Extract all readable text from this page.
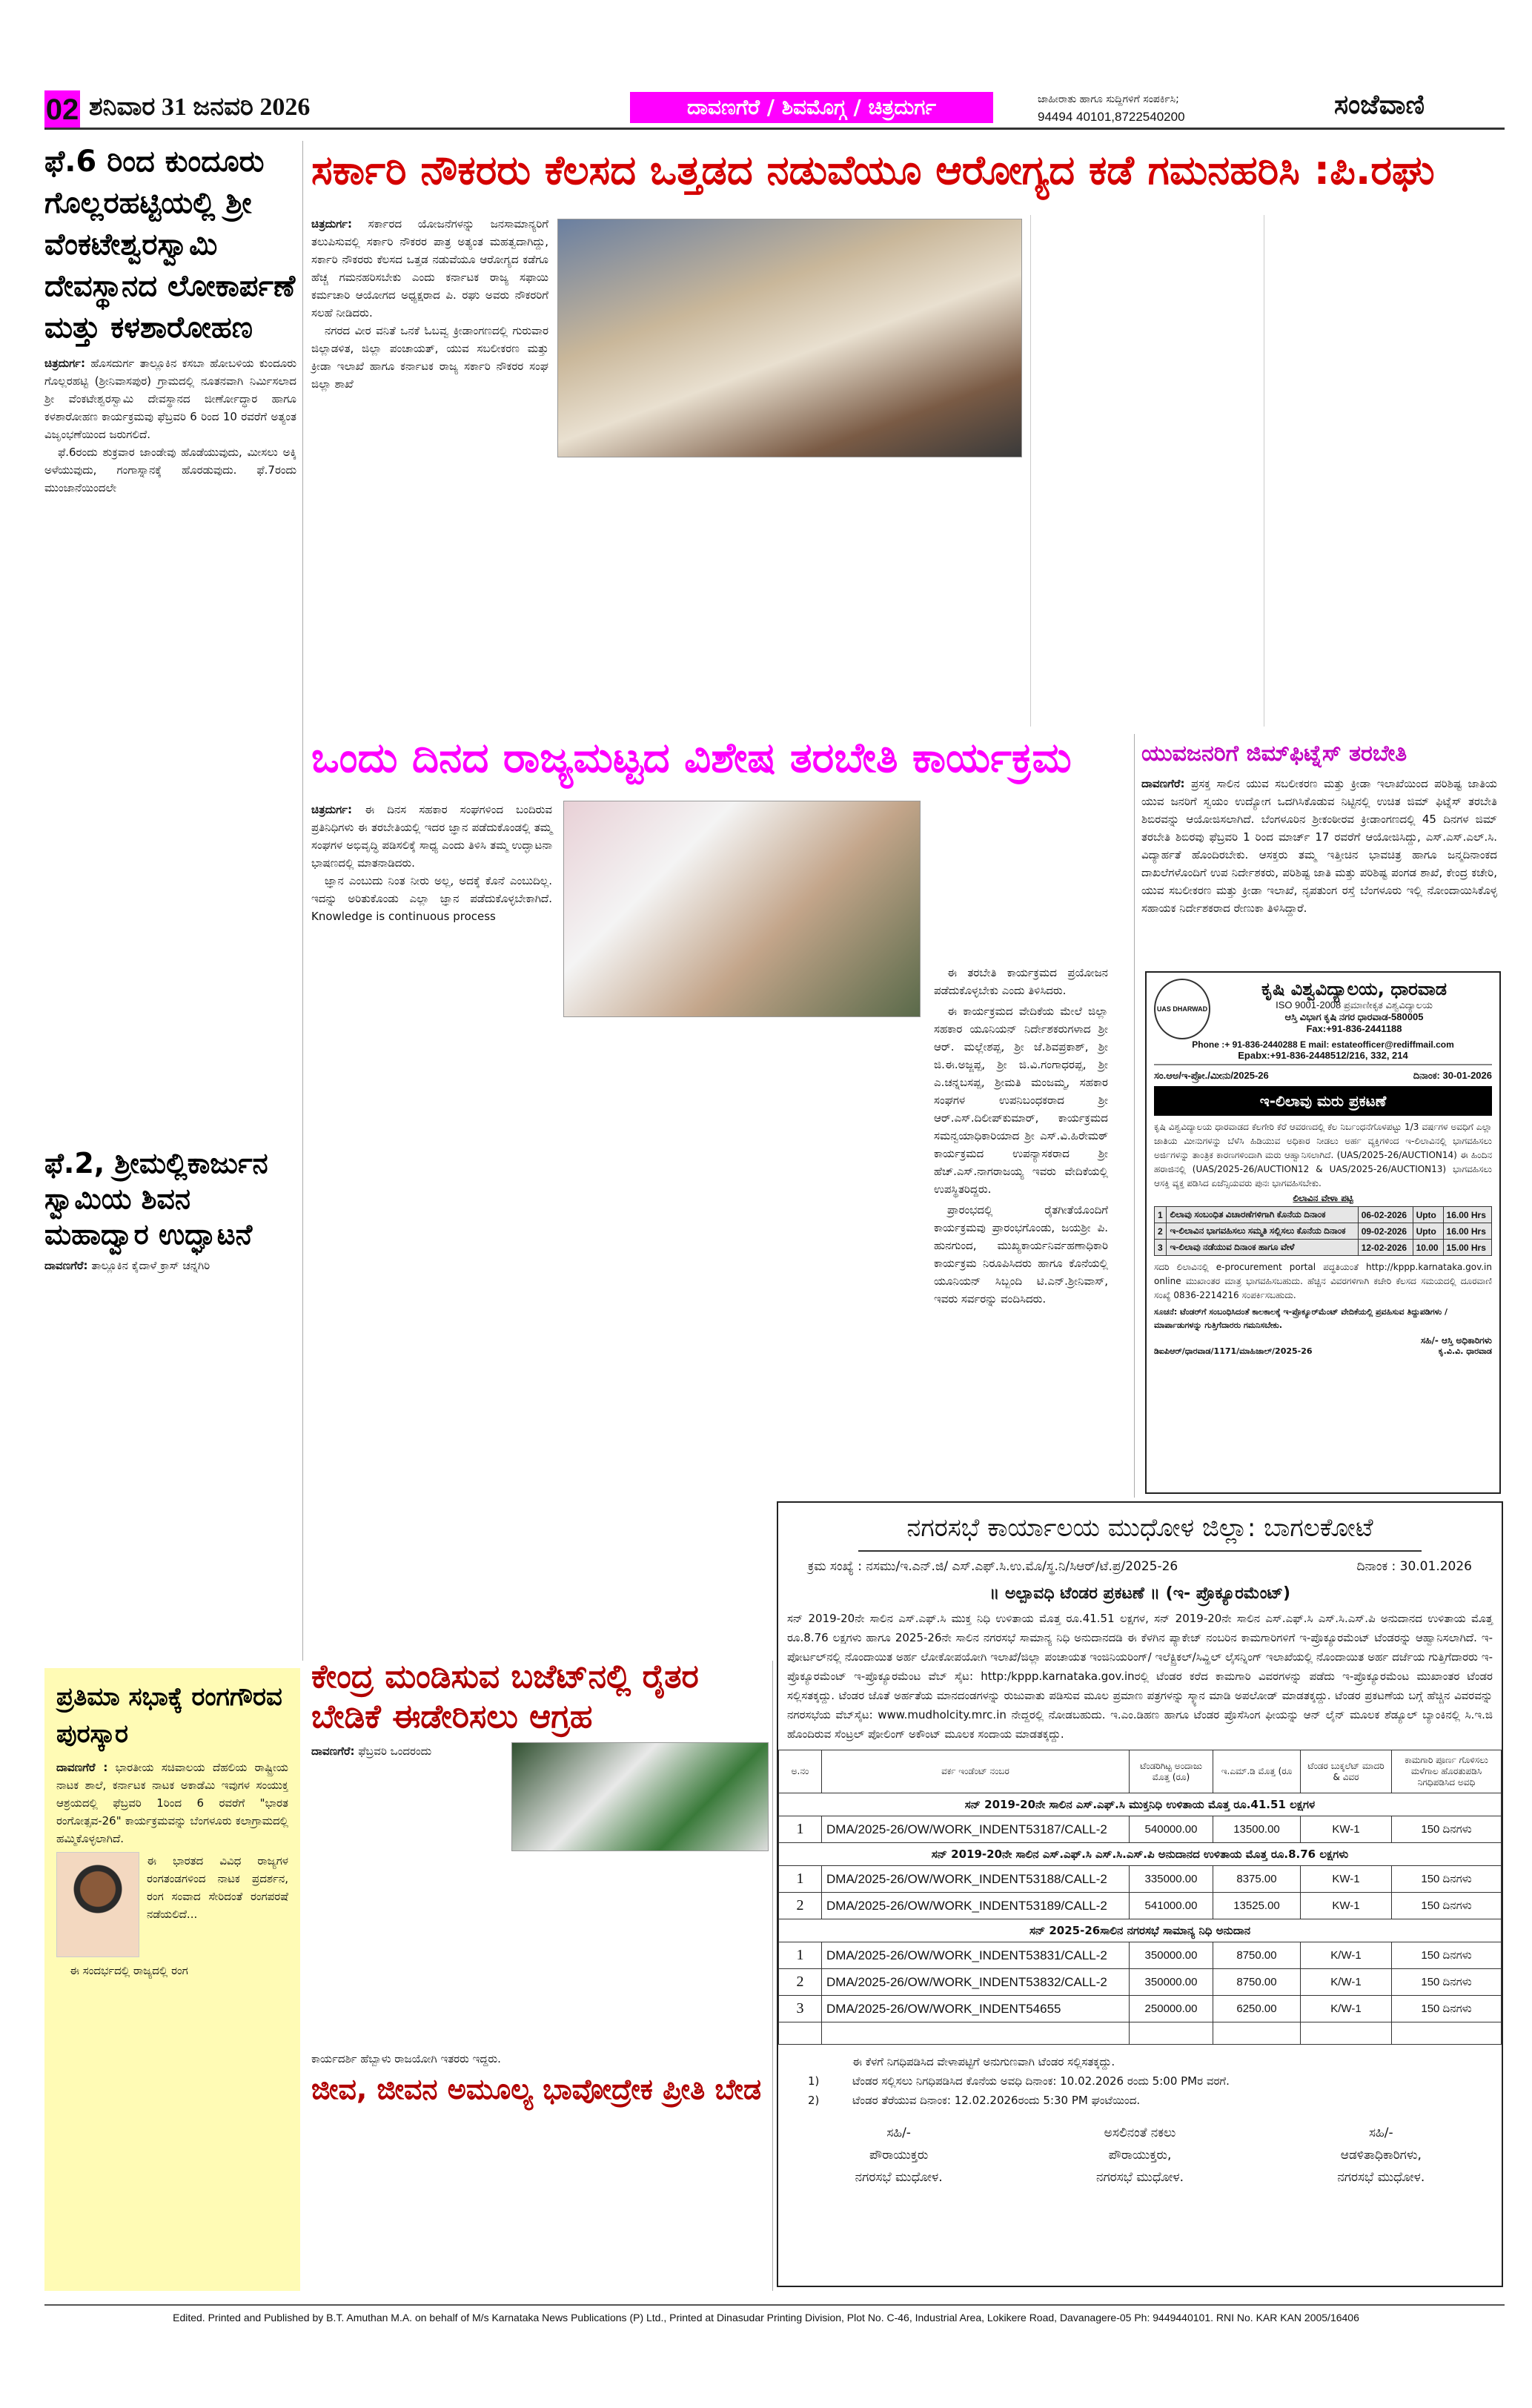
02 ಶನಿವಾರ 31 ಜನವರಿ 2026	ದಾವಣಗೆರೆ / ಶಿವಮೊಗ್ಗ / ಚಿತ್ರದುರ್ಗ	ಜಾಹೀರಾತು ಹಾಗೂ ಸುದ್ದಿಗಳಿಗೆ ಸಂಪರ್ಕಿಸಿ;
94494 40101,8722540200	ಸಂಜೆವಾಣಿ
ಫೆ.6 ರಿಂದ ಕುಂದೂರು ಗೊಲ್ಲರಹಟ್ಟಿಯಲ್ಲಿ ಶ್ರೀ ವೆಂಕಟೇಶ್ವರಸ್ವಾಮಿ ದೇವಸ್ಥಾನದ ಲೋಕಾರ್ಪಣೆ ಮತ್ತು ಕಳಶಾರೋಹಣ
ಚಿತ್ರದುರ್ಗ: ಹೊಸದುರ್ಗ ತಾಲ್ಲೂಕಿನ ಕಸಬಾ ಹೋಬಳಿಯ ಕುಂದೂರು ಗೊಲ್ಲರಹಟ್ಟಿ (ಶ್ರೀನಿವಾಸಪುರ) ಗ್ರಾಮದಲ್ಲಿ ನೂತನವಾಗಿ ನಿರ್ಮಿಸಲಾದ ಶ್ರೀ ವೆಂಕಟೇಶ್ವರಸ್ವಾಮಿ ದೇವಸ್ಥಾನದ ಜೀರ್ಣೋದ್ಧಾರ ಹಾಗೂ ಕಳಶಾರೋಹಣ ಕಾರ್ಯಕ್ರಮವು ಫೆಬ್ರವರಿ 6 ರಿಂದ 10 ರವರೆಗೆ ಅತ್ಯಂತ ವಿಜೃಂಭಣೆಯಿಂದ ಜರುಗಲಿದೆ.

ಫೆ.6ರಂದು ಶುಕ್ರವಾರ ಜಾಂಡೇವು ಹೊಡೆಯುವುದು, ಮೀಸಲು ಅಕ್ಕಿ ಅಳೆಯುವುದು, ಗಂಗಾಸ್ನಾನಕ್ಕೆ ಹೊರಡುವುದು. ಫೆ.7ರಂದು ಮುಂಜಾನೆಯಿಂದಲೇ

ಫೆ.2, ಶ್ರೀಮಲ್ಲಿಕಾರ್ಜುನ ಸ್ವಾಮಿಯ ಶಿವನ ಮಹಾದ್ವಾರ ಉದ್ಘಾಟನೆ
ದಾವಣಗೆರೆ: ತಾಲ್ಲೂಕಿನ ಕೈದಾಳೆ ಕ್ರಾಸ್ ಚನ್ನಗಿರಿ
ಪ್ರತಿಮಾ ಸಭಾಕ್ಕೆ ರಂಗಗೌರವ ಪುರಸ್ಕಾರ
ದಾವಣಗೆರೆ : ಭಾರತೀಯ ಸಚಿವಾಲಯ ದೆಹಲಿಯ ರಾಷ್ಟ್ರೀಯ ನಾಟಕ ಶಾಲೆ, ಕರ್ನಾಟಕ ನಾಟಕ ಅಕಾಡೆಮಿ ಇವುಗಳ ಸಂಯುಕ್ತ ಆಶ್ರಯದಲ್ಲಿ ಫೆಬ್ರವರಿ 1ರಿಂದ 6 ರವರೆಗೆ "ಭಾರತ ರಂಗೋತ್ಸವ-26" ಕಾರ್ಯಕ್ರಮವನ್ನು ಬೆಂಗಳೂರು ಕಲಾಗ್ರಾಮದಲ್ಲಿ ಹಮ್ಮಿಕೊಳ್ಳಲಾಗಿದೆ.
ಈ ಭಾರತದ ವಿವಿಧ ರಾಜ್ಯಗಳ ರಂಗತಂಡಗಳಿಂದ ನಾಟಕ ಪ್ರದರ್ಶನ, ರಂಗ ಸಂವಾದ ಸೇರಿದಂತೆ ರಂಗಪರಷೆ ನಡೆಯಲಿದೆ...

ಈ ಸಂದರ್ಭದಲ್ಲಿ ರಾಜ್ಯದಲ್ಲಿ ರಂಗ

ಸರ್ಕಾರಿ ನೌಕರರು ಕೆಲಸದ ಒತ್ತಡದ ನಡುವೆಯೂ ಆರೋಗ್ಯದ ಕಡೆ ಗಮನಹರಿಸಿ :ಪಿ.ರಘು
ಚಿತ್ರದುರ್ಗ: ಸರ್ಕಾರದ ಯೋಜನೆಗಳನ್ನು ಜನಸಾಮಾನ್ಯರಿಗೆ ತಲುಪಿಸುವಲ್ಲಿ ಸರ್ಕಾರಿ ನೌಕರರ ಪಾತ್ರ ಅತ್ಯಂತ ಮಹತ್ವದಾಗಿದ್ದು, ಸರ್ಕಾರಿ ನೌಕರರು ಕೆಲಸದ ಒತ್ತಡ ನಡುವೆಯೂ ಆರೋಗ್ಯದ ಕಡೆಗೂ ಹೆಚ್ಚ ಗಮನಹರಿಸಬೇಕು ಎಂದು ಕರ್ನಾಟಕ ರಾಜ್ಯ ಸಫಾಯಿ ಕರ್ಮಚಾರಿ ಆಯೋಗದ ಅಧ್ಯಕ್ಷರಾದ ಪಿ. ರಘು ಅವರು ನೌಕರರಿಗೆ ಸಲಹೆ ನೀಡಿದರು.

ನಗರದ ವೀರ ವನಿತೆ ಒನಕೆ ಓಬವ್ವ ಕ್ರೀಡಾಂಗಣದಲ್ಲಿ ಗುರುವಾರ ಜಿಲ್ಲಾಡಳಿತ, ಜಿಲ್ಲಾ ಪಂಚಾಯತ್, ಯುವ ಸಬಲೀಕರಣ ಮತ್ತು ಕ್ರೀಡಾ ಇಲಾಖೆ ಹಾಗೂ ಕರ್ನಾಟಕ ರಾಜ್ಯ ಸರ್ಕಾರಿ ನೌಕರರ ಸಂಘ ಜಿಲ್ಲಾ ಶಾಖೆ

ಒಂದು ದಿನದ ರಾಜ್ಯಮಟ್ಟದ ವಿಶೇಷ ತರಬೇತಿ ಕಾರ್ಯಕ್ರಮ
ಚಿತ್ರದುರ್ಗ: ಈ ದಿನಸ ಸಹಕಾರ ಸಂಘಗಳಿಂದ ಬಂದಿರುವ ಪ್ರತಿನಿಧಿಗಳು ಈ ತರಬೇತಿಯಲ್ಲಿ ಇದರ ಜ್ಞಾನ ಪಡೆದುಕೊಂಡಲ್ಲಿ ತಮ್ಮ ಸಂಘಗಳ ಅಭಿವೃದ್ಧಿ ಪಡಿಸಲಿಕ್ಕೆ ಸಾಧ್ಯ ಎಂದು ತಿಳಿಸಿ ತಮ್ಮ ಉದ್ಘಾಟನಾ ಭಾಷಣದಲ್ಲಿ ಮಾತನಾಡಿದರು.

ಜ್ಞಾನ ಎಂಬುದು ನಿಂತ ನೀರು ಅಲ್ಲ, ಅದಕ್ಕೆ ಕೊನೆ ಎಂಬುದಿಲ್ಲ. ಇದನ್ನು ಅರಿತುಕೊಂಡು ಎಲ್ಲಾ ಜ್ಞಾನ ಪಡೆದುಕೊಳ್ಳಬೇಕಾಗಿದೆ. Knowledge is continuous process

ಈ ತರಬೇತಿ ಕಾರ್ಯಕ್ರಮದ ಪ್ರಯೋಜನ ಪಡೆದುಕೊಳ್ಳಬೇಕು ಎಂದು ತಿಳಿಸಿದರು.

ಈ ಕಾರ್ಯಕ್ರಮದ ವೇದಿಕೆಯ ಮೇಲೆ ಜಿಲ್ಲಾ ಸಹಕಾರ ಯೂನಿಯನ್ ನಿರ್ದೇಶಕರುಗಳಾದ ಶ್ರೀ ಆರ್. ಮಲ್ಲೇಶಪ್ಪ, ಶ್ರೀ ಜೆ.ಶಿವಪ್ರಕಾಶ್, ಶ್ರೀ ಜಿ.ಈ.ಅಜ್ಜಪ್ಪ, ಶ್ರೀ ಜಿ.ವಿ.ಗಂಗಾಧರಪ್ಪ, ಶ್ರೀ ಎ.ಚನ್ನಬಸಪ್ಪ, ಶ್ರೀಮತಿ ಮಂಜಮ್ಮ, ಸಹಕಾರ ಸಂಘಗಳ ಉಪನಿಬಂಧಕರಾದ ಶ್ರೀ ಆರ್.ಎಸ್.ದಿಲೀಪ್‌ಕುಮಾರ್, ಕಾರ್ಯಕ್ರಮದ ಸಮನ್ವಯಾಧಿಕಾರಿಯಾದ ಶ್ರೀ ಎಸ್.ವಿ.ಹಿರೇಮಠ್ ಕಾರ್ಯಕ್ರಮದ ಉಪನ್ಯಾಸಕರಾದ ಶ್ರೀ ಹೆಚ್.ಎಸ್.ನಾಗರಾಜಯ್ಯ ಇವರು ವೇದಿಕೆಯಲ್ಲಿ ಉಪಸ್ಥಿತರಿದ್ದರು.

ಪ್ರಾರಂಭದಲ್ಲಿ ರೈತಗೀತೆಯೊಂದಿಗೆ ಕಾರ್ಯಕ್ರಮವು ಪ್ರಾರಂಭಗೊಂಡು, ಜಯಶ್ರೀ ಪಿ. ಹುನಗುಂದ, ಮುಖ್ಯಕಾರ್ಯನಿರ್ವಹಣಾಧಿಕಾರಿ ಕಾರ್ಯಕ್ರಮ ನಿರೂಪಿಸಿದರು ಹಾಗೂ ಕೊನೆಯಲ್ಲಿ ಯೂನಿಯನ್ ಸಿಬ್ಬಂದಿ ಟಿ.ಎನ್.ಶ್ರೀನಿವಾಸ್, ಇವರು ಸರ್ವರನ್ನು ವಂದಿಸಿದರು.

ಯುವಜನರಿಗೆ ಜಿಮ್‌ಫಿಟ್ನೆಸ್ ತರಬೇತಿ
ದಾವಣಗೆರೆ: ಪ್ರಸಕ್ತ ಸಾಲಿನ ಯುವ ಸಬಲೀಕರಣ ಮತ್ತು ಕ್ರೀಡಾ ಇಲಾಖೆಯಿಂದ ಪರಿಶಿಷ್ಟ ಜಾತಿಯ ಯುವ ಜನರಿಗೆ ಸ್ವಯಂ ಉದ್ಯೋಗ ಒದಗಿಸಿಕೊಡುವ ನಿಟ್ಟಿನಲ್ಲಿ ಉಚಿತ ಜಿಮ್ ಫಿಟ್ನೆಸ್ ತರಬೇತಿ ಶಿಬಿರವನ್ನು ಆಯೋಜಿಸಲಾಗಿದೆ. ಬೆಂಗಳೂರಿನ ಶ್ರೀಕಂಠೀರವ ಕ್ರೀಡಾಂಗಣದಲ್ಲಿ 45 ದಿನಗಳ ಜಿಮ್ ತರಬೇತಿ ಶಿಬಿರವು ಫೆಬ್ರವರಿ 1 ರಿಂದ ಮಾರ್ಚ್ 17 ರವರೆಗೆ ಆಯೋಜಿಸಿದ್ದು, ಎಸ್.ಎಸ್.ಎಲ್.ಸಿ. ವಿದ್ಯಾರ್ಹತೆ ಹೊಂದಿರಬೇಕು. ಆಸಕ್ತರು ತಮ್ಮ ಇತ್ತೀಚಿನ ಭಾವಚಿತ್ರ ಹಾಗೂ ಜನ್ಮದಿನಾಂಕದ ದಾಖಲೆಗಳೊಂದಿಗೆ ಉಪ ನಿರ್ದೇಶಕರು, ಪರಿಶಿಷ್ಟ ಜಾತಿ ಮತ್ತು ಪರಿಶಿಷ್ಟ ಪಂಗಡ ಶಾಖೆ, ಕೇಂದ್ರ ಕಚೇರಿ, ಯುವ ಸಬಲೀಕರಣ ಮತ್ತು ಕ್ರೀಡಾ ಇಲಾಖೆ, ನೃಪತುಂಗ ರಸ್ತೆ ಬೆಂಗಳೂರು ಇಲ್ಲಿ ನೋಂದಾಯಿಸಿಕೊಳ್ಳ ಸಹಾಯಕ ನಿರ್ದೇಶಕರಾದ ರೇಣುಕಾ ತಿಳಿಸಿದ್ದಾರೆ.
UAS DHARWAD
ಕೃಷಿ ವಿಶ್ವವಿದ್ಯಾಲಯ, ಧಾರವಾಡ
ISO 9001-2008 ಪ್ರಮಾಣೀಕೃತ ವಿಶ್ವವಿದ್ಯಾಲಯ
ಆಸ್ತಿ ವಿಭಾಗ ಕೃಷಿ ನಗರ ಧಾರವಾಡ-580005
Fax:+91-836-2441188
Phone :+ 91-836-2440288 E mail: estateofficer@rediffmail.com
Epabx:+91-836-2448512/216, 332, 214
ಸಂ.ಆಅ/ಇ-ಪ್ರೋ./ಮೀನು/2025-26	ದಿನಾಂಕ: 30-01-2026
ಇ-ಲಿಲಾವು ಮರು ಪ್ರಕಟಣೆ
ಕೃಷಿ ವಿಶ್ವವಿದ್ಯಾಲಯ ಧಾರವಾಡದ ಕೆಲಗೇರಿ ಕೆರೆ ಆವರಣದಲ್ಲಿ ಕೆಲ ನಿರ್ಬಂಧನೆಗೊಳಪಟ್ಟು 1/3 ವರ್ಷಗಳ ಅವಧಿಗೆ ಎಲ್ಲಾ ಜಾತಿಯ ಮೀನುಗಳನ್ನು ಬೆಳೆಸಿ ಹಿಡಿಯುವ ಅಧಿಕಾರ ನೀಡಲು ಅರ್ಹ ವ್ಯಕ್ತಿಗಳಿಂದ ಇ-ಲಿಲಾವಿನಲ್ಲಿ ಭಾಗವಹಿಸಲು ಅರ್ಜಿಗಳನ್ನು ತಾಂತ್ರಿಕ ಕಾರಣಗಳಿಂದಾಗಿ ಮರು ಆಹ್ವಾನಿಸಲಾಗಿದೆ. (UAS/2025-26/AUCTION14) ಈ ಹಿಂದಿನ ಹರಾಜಿನಲ್ಲಿ (UAS/2025-26/AUCTION12 & UAS/2025-26/AUCTION13) ಭಾಗವಹಿಸಲು ಆಸಕ್ತಿ ವ್ಯಕ್ತ ಪಡಿಸಿದ ಏಜೆನ್ಸಿಯವರು ಪುನಃ ಭಾಗವಹಿಸಬೇಕು.
ಲಿಲಾವಿನ ವೇಳಾ ಪಟ್ಟಿ
1	ಲಿಲಾವು ಸಂಬಂಧಿತ ವಿಚಾರಣೆಗಳಿಗಾಗಿ ಕೊನೆಯ ದಿನಾಂಕ	06-02-2026	Upto	16.00 Hrs
2	ಇ-ಲಿಲಾವಿನ ಭಾಗವಹಿಸಲು ಸಮ್ಮತಿ ಸಲ್ಲಿಸಲು ಕೊನೆಯ ದಿನಾಂಕ	09-02-2026	Upto	16.00 Hrs
3	ಇ-ಲಿಲಾವು ನಡೆಯುವ ದಿನಾಂಕ ಹಾಗೂ ವೇಳೆ	12-02-2026	10.00	15.00 Hrs
ಸದರಿ ಲಿಲಾವಿನಲ್ಲಿ e-procurement portal ಪದ್ಧತಿಯಂತೆ http://kppp.karnataka.gov.in online ಮುಖಾಂತರ ಮಾತ್ರ ಭಾಗವಹಿಸಬಹುದು. ಹೆಚ್ಚಿನ ವಿವರಗಳಿಗಾಗಿ ಕಚೇರಿ ಕೆಲಸದ ಸಮಯದಲ್ಲಿ ದೂರವಾಣಿ ಸಂಖ್ಯೆ 0836-2214216 ಸಂಪರ್ಕಿಸಬಹುದು.
ಸೂಚನೆ: ಟೆಂಡರ್‌ಗೆ ಸಂಬಂಧಿಸಿದಂತೆ ಕಾಲಕಾಲಕ್ಕೆ ಇ-ಪ್ರೊಕ್ಯೂರ್‌ಮೆಂಟ್ ವೇದಿಕೆಯಲ್ಲಿ ಪ್ರವಹಿಸುವ ತಿದ್ದುಪಡಿಗಳು / ಮಾರ್ಪಾಡುಗಳನ್ನು ಗುತ್ತಿಗೆದಾರರು ಗಮನಿಸಬೇಕು.
ಸಹಿ/- ಆಸ್ತಿ ಅಧಿಕಾರಿಗಳು
ಡಿಐಪಿಆರ್/ಧಾರವಾಡ/1171/ಮಾಹಿಜಾಲ್/2025-26	ಕೃ.ವಿ.ವಿ. ಧಾರವಾಡ
ಕೇಂದ್ರ ಮಂಡಿಸುವ ಬಜೆಟ್‌ನಲ್ಲಿ ರೈತರ ಬೇಡಿಕೆ ಈಡೇರಿಸಲು ಆಗ್ರಹ
ದಾವಣಗೆರೆ: ಫೆಬ್ರವರಿ ಒಂದರಂದು
ಕಾರ್ಯದರ್ಶಿ ಹೆಬ್ಬಾಳು ರಾಜಯೋಗಿ ಇತರರು ಇದ್ದರು.
ಜೀವ, ಜೀವನ ಅಮೂಲ್ಯ ಭಾವೋದ್ರೇಕ ಪ್ರೀತಿ ಬೇಡ
ನಗರಸಭೆ ಕಾರ್ಯಾಲಯ ಮುಧೋಳ ಜಿಲ್ಲಾ: ಬಾಗಲಕೋಟೆ
ಕ್ರಮ ಸಂಖ್ಯೆ : ನಸಮು/ಇ.ಎನ್.ಜಿ/ ಎಸ್.ಎಫ್.ಸಿ.ಉ.ಮೊ/ಸ್ಥ.ನಿ/ಸಿಆರ್/ಟೆ.ಪ್ರ/2025-26	ದಿನಾಂಕ : 30.01.2026
॥ ಅಲ್ಪಾವಧಿ ಟೆಂಡರ ಪ್ರಕಟಣೆ ॥ (ಇ- ಪ್ರೊಕ್ಯೂರಮೆಂಟ್)
ಸನ್ 2019-20ನೇ ಸಾಲಿನ ಎಸ್.ಎಫ್.ಸಿ ಮುಕ್ತ ನಿಧಿ ಉಳಿತಾಯ ಮೊತ್ತ ರೂ.41.51 ಲಕ್ಷಗಳ, ಸನ್ 2019-20ನೇ ಸಾಲಿನ ಎಸ್.ಎಫ್.ಸಿ ಎಸ್.ಸಿ.ಎಸ್.ಪಿ ಅನುದಾನದ ಉಳಿತಾಯ ಮೊತ್ತ ರೂ.8.76 ಲಕ್ಷಗಳು ಹಾಗೂ 2025-26ನೇ ಸಾಲಿನ ನಗರಸಭೆ ಸಾಮಾನ್ಯ ನಿಧಿ ಅನುದಾನದಡಿ ಈ ಕೆಳಗಿನ ಪ್ಯಾಕೇಜ್ ನಂಬರಿನ ಕಾಮಗಾರಿಗಳಿಗೆ ಇ-ಪ್ರೊಕ್ಯೂರಮೆಂಟ್ ಟೆಂಡರನ್ನು ಆಹ್ವಾನಿಸಲಾಗಿದೆ. ಇ-ಪೋರ್ಟಲ್‌ನಲ್ಲಿ ನೊಂದಾಯಿತ ಅರ್ಹ ಲೋಕೋಪಯೋಗಿ ಇಲಾಖೆ/ಜಿಲ್ಲಾ ಪಂಚಾಯತ ಇಂಜಿನಿಯರಿಂಗ್/ ಇಲೆಕ್ಟ್ರಿಕಲ್/ಸಿವ್ಹಿಲ್ ಲೈಸನ್ನಿಂಗ್ ಇಲಾಖೆಯಲ್ಲಿ ನೊಂದಾಯಿತ ಅರ್ಹ ದರ್ಜೆಯ ಗುತ್ತಿಗೆದಾರರು ಇ-ಪ್ರೊಕ್ಯೂರಮೆಂಟ್ ಇ-ಪ್ರೊಕ್ಯೂರಮೆಂಟ ವೆಬ್ ಸೈಟ: http:/kppp.karnataka.gov.inರಲ್ಲಿ ಟೆಂಡರ ಕರೆದ ಕಾಮಗಾರಿ ವಿವರಗಳನ್ನು ಪಡೆದು ಇ-ಪ್ರೊಕ್ಯೂರಮೆಂಟ ಮುಖಾಂತರ ಟೆಂಡರ ಸಲ್ಲಿಸತಕ್ಕದ್ದು. ಟೆಂಡರ ಜೊತೆ ಅರ್ಹತೆಯ ಮಾನದಂಡಗಳನ್ನು ರುಜುವಾತು ಪಡಿಸುವ ಮೂಲ ಪ್ರಮಾಣ ಪತ್ರಗಳನ್ನು ಸ್ಕ್ಯಾನ ಮಾಡಿ ಅಪಲೋಡ್ ಮಾಡತಕ್ಕದ್ದು. ಟೆಂಡರ ಪ್ರಕಟಣೆಯ ಬಗ್ಗೆ ಹೆಚ್ಚಿನ ವಿವರವನ್ನು ನಗರಸಭೆಯ ವೆಬ್‌ಸೈಟ: www.mudholcity.mrc.in ನೇದ್ದರಲ್ಲಿ ನೋಡಬಹುದು. ಇ.ಎಂ.ಡಿಹಣ ಹಾಗೂ ಟೆಂಡರ ಪ್ರೊಸೆಸಿಂಗ ಫೀಯನ್ನು ಆನ್ ಲೈನ್ ಮೂಲಕ ಶೆಡ್ಯೂಲ್ ಬ್ಯಾಂಕಿನಲ್ಲಿ ಸಿ.ಇ.ಜಿ ಹೊಂದಿರುವ ಸೆಂಟ್ರಲ್ ಪೋಲಿಂಗ್ ಅಕೌಂಟ್ ಮೂಲಕ ಸಂದಾಯ ಮಾಡತಕ್ಕದ್ದು.
ಅ.ನಂ	ವರ್ಕ ಇಂಡೆಂಟ್ ನಂಬರ	ಟೆಂಡರಿಗಿಟ್ಟ ಅಂದಾಜು ಮೊತ್ತ (ರೂ)	ಇ.ಎಮ್.ಡಿ ಮೊತ್ತ (ರೂ	ಟೆಂಡರ ಬುಕ್ಕಲೆಟ್ ಮಾದರಿ & ವಿವರ	ಕಾಮಗಾರಿ ಪೂರ್ಣ ಗೊಳಿಸಲು ಮಳೆಗಾಲ ಹೊರತುಪಡಿಸಿ ನಿಗಧಿಪಡಿಸಿದ ಅವಧಿ
ಸನ್ 2019-20ನೇ ಸಾಲಿನ ಎಸ್.ಎಫ್.ಸಿ ಮುಕ್ತನಿಧಿ ಉಳಿತಾಯ ಮೊತ್ತ ರೂ.41.51 ಲಕ್ಷಗಳ					
1	DMA/2025-26/OW/WORK_INDENT53187/CALL-2	540000.00	13500.00	KW-1	150 ದಿನಗಳು
ಸನ್ 2019-20ನೇ ಸಾಲಿನ ಎಸ್.ಎಫ್.ಸಿ ಎಸ್.ಸಿ.ಎಸ್.ಪಿ ಅನುದಾನದ ಉಳಿತಾಯ ಮೊತ್ತ ರೂ.8.76 ಲಕ್ಷಗಳು					
1	DMA/2025-26/OW/WORK_INDENT53188/CALL-2	335000.00	8375.00	KW-1	150 ದಿನಗಳು
2	DMA/2025-26/OW/WORK_INDENT53189/CALL-2	541000.00	13525.00	KW-1	150 ದಿನಗಳು
ಸನ್ 2025-26ಸಾಲಿನ ನಗರಸಭೆ ಸಾಮಾನ್ಯ ನಿಧಿ ಅನುದಾನ					
1	DMA/2025-26/OW/WORK_INDENT53831/CALL-2	350000.00	8750.00	K/W-1	150 ದಿನಗಳು
2	DMA/2025-26/OW/WORK_INDENT53832/CALL-2	350000.00	8750.00	K/W-1	150 ದಿನಗಳು
3	DMA/2025-26/OW/WORK_INDENT54655	250000.00	6250.00	K/W-1	150 ದಿನಗಳು

ಈ ಕೆಳಗೆ ನಿಗಧಿಪಡಿಸಿದ ವೇಳಾಪಟ್ಟಿಗೆ ಅನುಗುಣವಾಗಿ ಟೆಂಡರ ಸಲ್ಲಿಸತಕ್ಕದ್ದು.
1)	ಟೆಂಡರ ಸಲ್ಲಿಸಲು ನಿಗಧಿಪಡಿಸಿದ ಕೊನೆಯ ಅವಧಿ ದಿನಾಂಕ: 10.02.2026 ರಂದು 5:00 PMರ ವರಗೆ.
2)	ಟೆಂಡರ ತೆರೆಯುವ ದಿನಾಂಕ: 12.02.2026ರಂದು 5:30 PM ಘಂಟೆಯಿಂದ.
ಸಹಿ/-
ಪೌರಾಯುಕ್ತರು
ನಗರಸಭೆ ಮುಧೋಳ.
ಅಸಲಿನಂತೆ ನಕಲು
ಪೌರಾಯುಕ್ತರು,
ನಗರಸಭೆ ಮುಧೋಳ.
ಸಹಿ/-
ಆಡಳಿತಾಧಿಕಾರಿಗಳು,
ನಗರಸಭೆ ಮುಧೋಳ.
Edited. Printed and Published by B.T. Amuthan M.A. on behalf of M/s Karnataka News Publications (P) Ltd., Printed at Dinasudar Printing Division, Plot No. C-46, Industrial Area, Lokikere Road, Davanagere-05 Ph: 9449440101. RNI No. KAR KAN 2005/16406
